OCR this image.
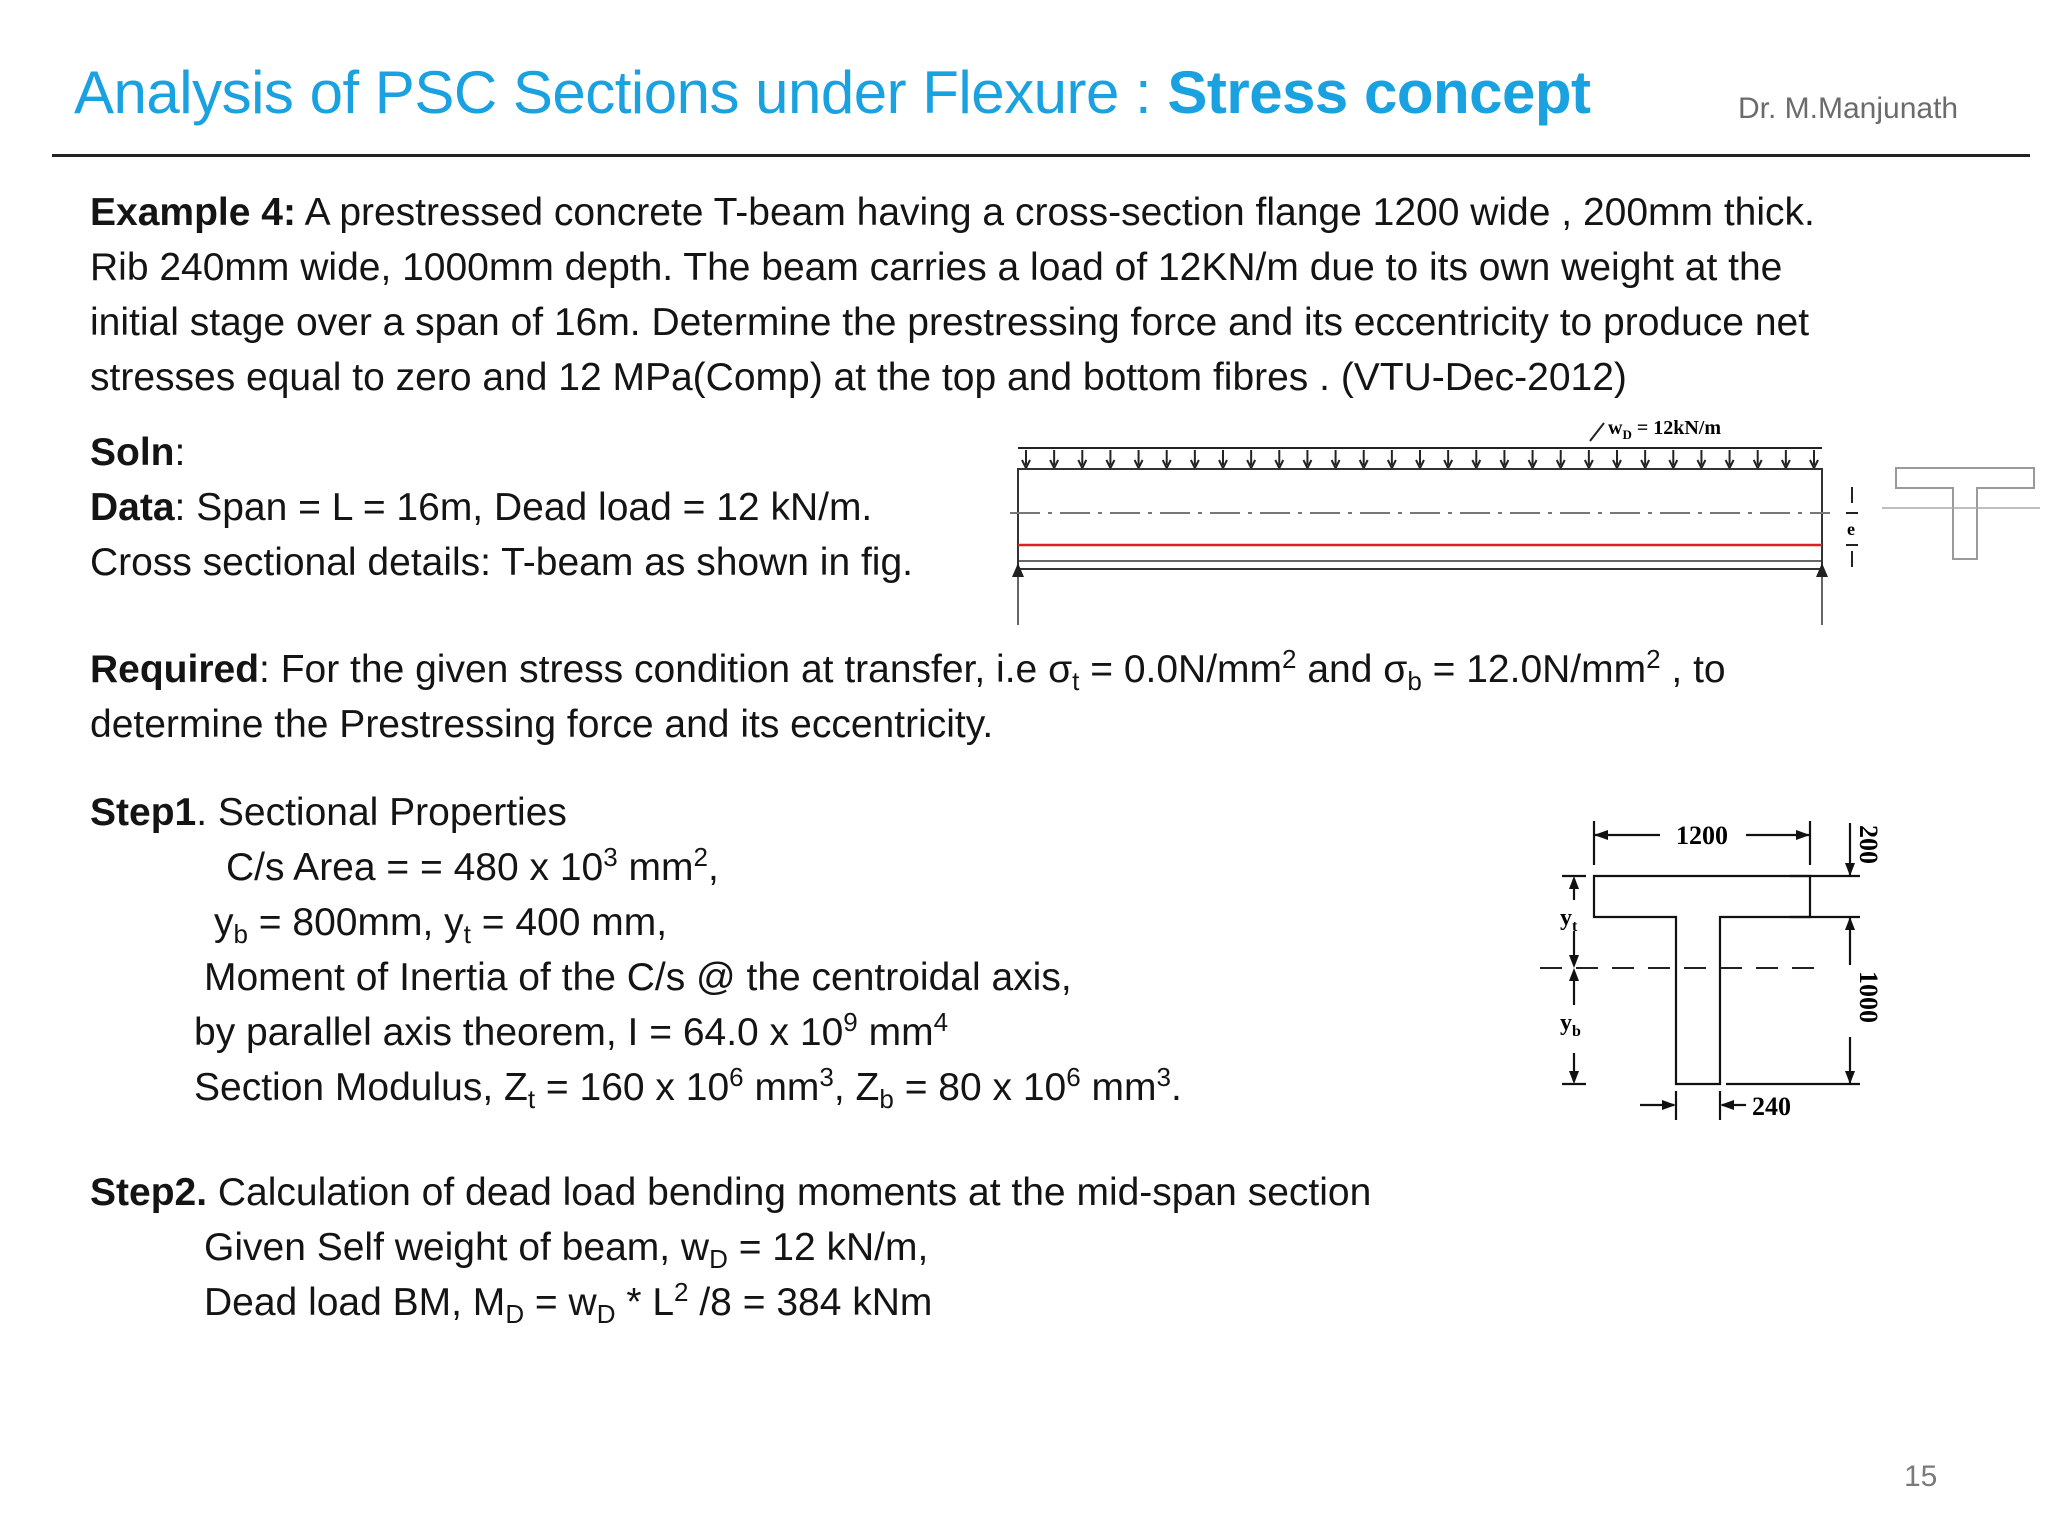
Analysis of PSC Sections under Flexure : Stress concept	Dr. M.Manjunath
Example 4: A prestressed concrete T-beam having a cross-section flange 1200 wide , 200mm thick.
Rib 240mm wide, 1000mm depth. The beam carries a load of 12KN/m due to its own weight at the
initial stage over a span of 16m. Determine the prestressing force and its eccentricity to produce net
stresses equal to zero and 12 MPa(Comp) at the top and bottom fibres . (VTU-Dec-2012)
Soln:
Data: Span = L = 16m, Dead load = 12 kN/m.
Cross sectional details: T-beam as shown in fig.
Required: For the given stress condition at transfer, i.e $\sigma_t = 0.0N/mm^2$ and $\sigma_b = 12.0N/mm^2$ , to
determine the Prestressing force and its eccentricity.
Step1. Sectional Properties
C/s Area = = 480 x $10^3$ $mm^2$,
$y_b = 800mm$, $y_t = 400$ mm,
Moment of Inertia of the C/s @ the centroidal axis,
by parallel axis theorem, I = 64.0 x $10^9$ $mm^4$
Section Modulus, $Z_t = 160$ x $10^6$ $mm^3$, $Z_b = 80$ x $10^6$ $mm^3$.
Step2. Calculation of dead load bending moments at the mid-span section
Given Self weight of beam, $w_D = 12$ kN/m,
Dead load BM, $M_D = w_D * L^2$ /8 = 384 kNm
$w_D = 12kN/m$
e
1200	200
1000
240
$y_t$
$y_b$
15
